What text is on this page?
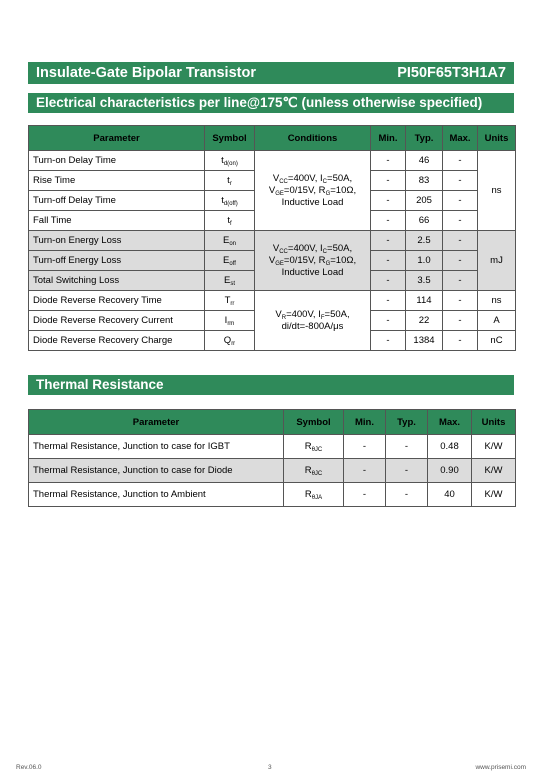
Insulate-Gate Bipolar Transistor	PI50F65T3H1A7
Electrical characteristics per line@175℃ (unless otherwise specified)
Parameter	Symbol	Conditions	Min.	Typ.	Max.	Units
Turn-on Delay Time	$t_{d(on)}$	$V_{CC}=400V$, $I_C=50A$,
$V_{GE}=0/15V$, $R_G=10\Omega$,
Inductive Load	-	46	-	ns
Rise Time	$t_r$		-	83	-	
Turn-off Delay Time	$t_{d(off)}$		-	205	-	
Fall Time	$t_f$		-	66	-	
Turn-on Energy Loss	$E_{on}$	$V_{CC}=400V$, $I_C=50A$,
$V_{GE}=0/15V$, $R_G=10\Omega$,
Inductive Load	-	2.5	-	mJ
Turn-off Energy Loss	$E_{off}$		-	1.0	-	
Total Switching Loss	$E_{st}$		-	3.5	-	
Diode Reverse Recovery Time	$T_{rr}$	$V_R=400V$, $I_F=50A$,
di/dt=-800A/μs	-	114	-	ns
Diode Reverse Recovery Current	$I_{rm}$		-	22	-	A
Diode Reverse Recovery Charge	$Q_{rr}$		-	1384	-	nC
Thermal Resistance
Parameter	Symbol	Min.	Typ.	Max.	Units
Thermal Resistance, Junction to case for IGBT	$R_{\theta JC}$	-	-	0.48	K/W
Thermal Resistance, Junction to case for Diode	$R_{\theta JC}$	-	-	0.90	K/W
Thermal Resistance, Junction to Ambient	$R_{\theta JA}$	-	-	40	K/W
Rev.06.0	3	www.prisemi.com
